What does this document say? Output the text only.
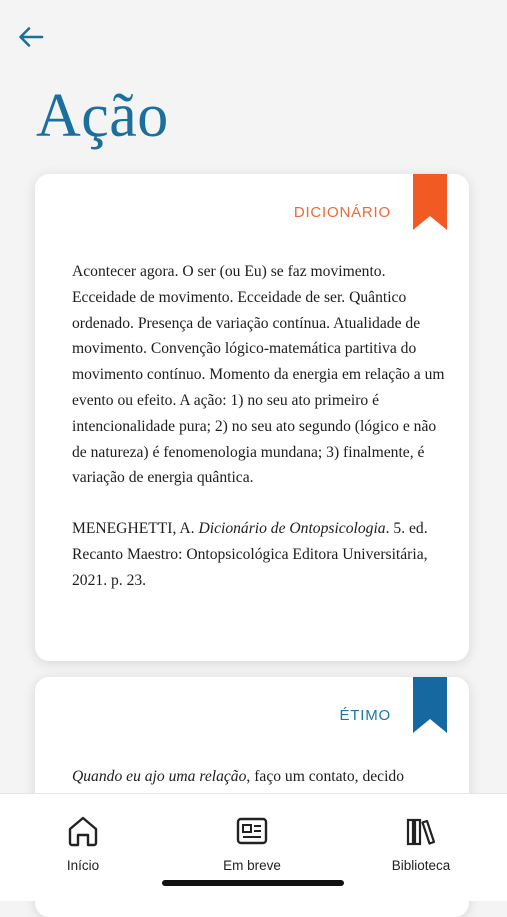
Ação
DICIONÁRIO

Acontecer agora. O ser (ou Eu) se faz movimento. Ecceidade de movimento. Ecceidade de ser. Quântico ordenado. Presença de variação contínua. Atualidade de movimento. Convenção lógico-matemática partitiva do movimento contínuo. Momento da energia em relação a um evento ou efeito. A ação: 1) no seu ato primeiro é intencionalidade pura; 2) no seu ato segundo (lógico e não de natureza) é fenomenologia mundana; 3) finalmente, é variação de energia quântica.

MENEGHETTI, A. Dicionário de Ontopsicologia. 5. ed. Recanto Maestro: Ontopsicológica Editora Universitária, 2021. p. 23.

ÉTIMO

Quando eu ajo uma relação, faço um contato, decido

Início	Em breve	Biblioteca
